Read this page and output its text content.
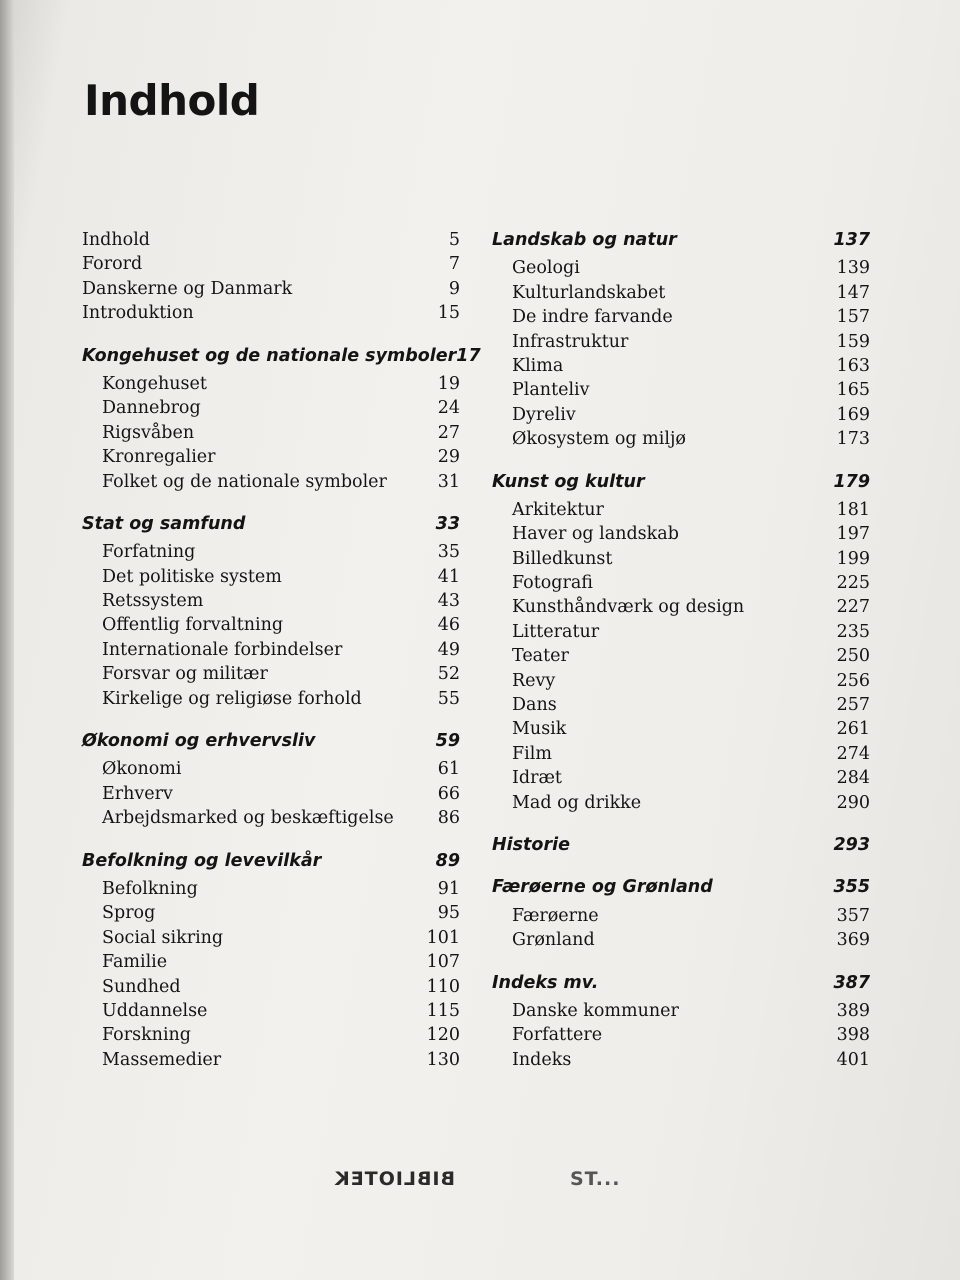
Indhold
Indhold	5
Forord	7
Danskerne og Danmark	9
Introduktion	15
Kongehuset og de nationale symboler 17
Kongehuset	19
Dannebrog	24
Rigsvåben	27
Kronregalier	29
Folket og de nationale symboler	31
Stat og samfund	33
Forfatning	35
Det politiske system	41
Retssystem	43
Offentlig forvaltning	46
Internationale forbindelser	49
Forsvar og militær	52
Kirkelige og religiøse forhold	55
Økonomi og erhvervsliv	59
Økonomi	61
Erhverv	66
Arbejdsmarked og beskæftigelse	86
Befolkning og levevilkår	89
Befolkning	91
Sprog	95
Social sikring	101
Familie	107
Sundhed	110
Uddannelse	115
Forskning	120
Massemedier	130
Landskab og natur	137
Geologi	139
Kulturlandskabet	147
De indre farvande	157
Infrastruktur	159
Klima	163
Planteliv	165
Dyreliv	169
Økosystem og miljø	173
Kunst og kultur	179
Arkitektur	181
Haver og landskab	197
Billedkunst	199
Fotografi	225
Kunsthåndværk og design	227
Litteratur	235
Teater	250
Revy	256
Dans	257
Musik	261
Film	274
Idræt	284
Mad og drikke	290
Historie	293
Færøerne og Grønland	355
Færøerne	357
Grønland	369
Indeks mv.	387
Danske kommuner	389
Forfattere	398
Indeks	401
BIBLIOTEK	ST...
